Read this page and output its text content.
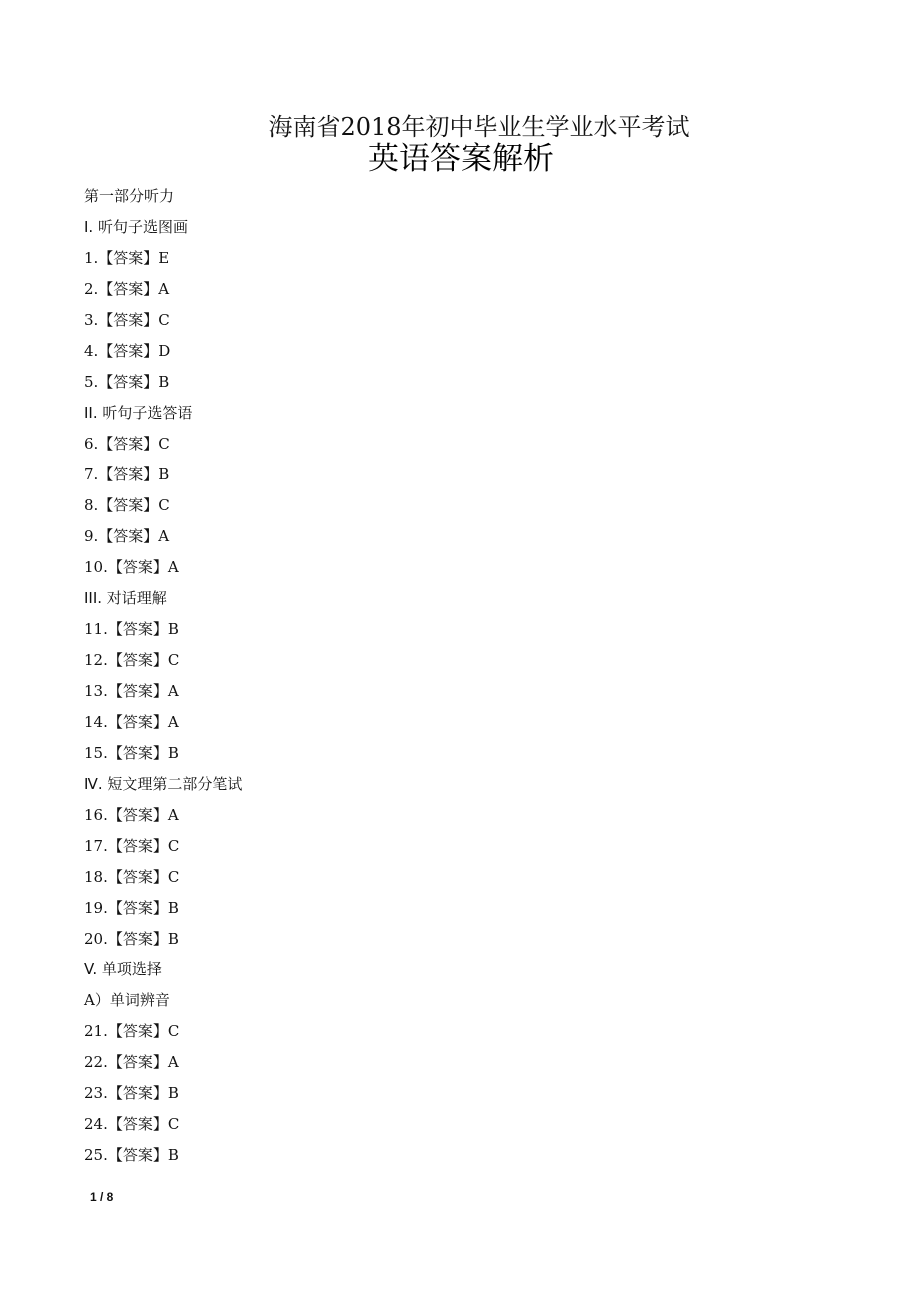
海南省2018年初中毕业生学业水平考试
英语答案解析
第一部分听力
Ⅰ. 听句子选图画
1.【答案】E
2.【答案】A
3.【答案】C
4.【答案】D
5.【答案】B
II. 听句子选答语
6.【答案】C
7.【答案】B
8.【答案】C
9.【答案】A
10.【答案】A
III. 对话理解
11.【答案】B
12.【答案】C
13.【答案】A
14.【答案】A
15.【答案】B
Ⅳ. 短文理第二部分笔试
16.【答案】A
17.【答案】C
18.【答案】C
19.【答案】B
20.【答案】B
V. 单项选择
A）单词辨音
21.【答案】C
22.【答案】A
23.【答案】B
24.【答案】C
25.【答案】B
1 / 8
